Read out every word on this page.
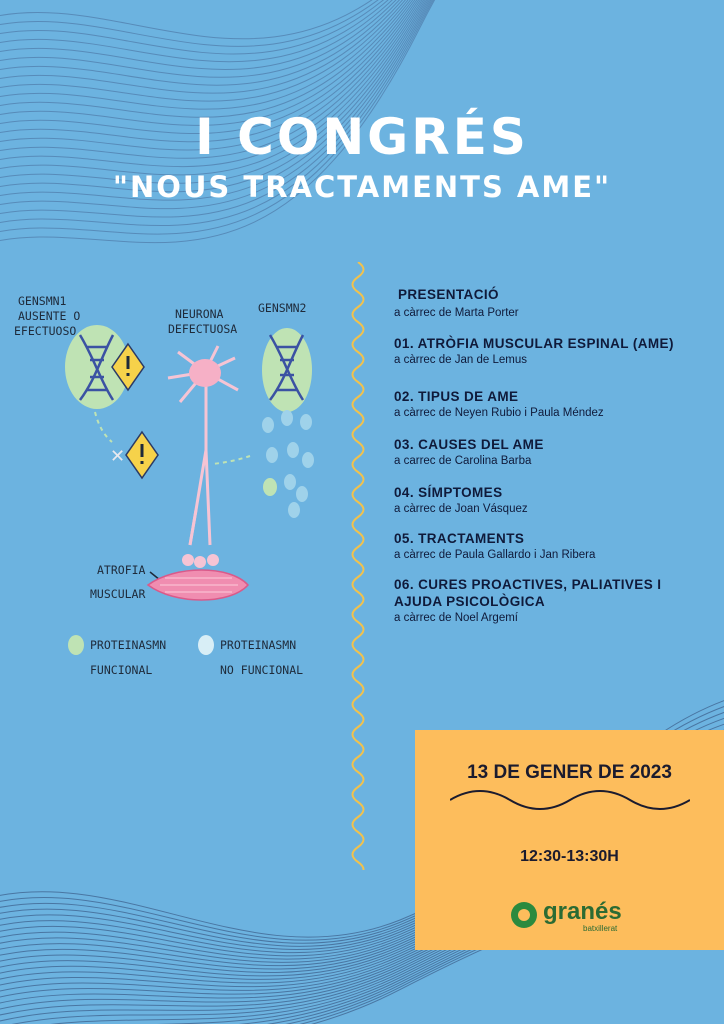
I CONGRÉS
"NOUS TRACTAMENTS AME"
GENSMN1
AUSENTE O
EFECTUOSO
✕
NEURONA
DEFECTUOSA
GENSMN2
ATROFIA
MUSCULAR
PROTEINASMN
FUNCIONAL
PROTEINASMN
NO FUNCIONAL
PRESENTACIÓ
a càrrec de Marta Porter
01. ATRÒFIA MUSCULAR ESPINAL (AME)
a càrrec de Jan de Lemus
02. TIPUS DE AME
a càrrec de Neyen Rubio i Paula Méndez
03. CAUSES DEL AME
a carrec de Carolina Barba
04. SÍMPTOMES
a càrrec de Joan Vásquez
05. TRACTAMENTS
a càrrec de Paula Gallardo i Jan Ribera
06. CURES PROACTIVES, PALIATIVES I
AJUDA PSICOLÒGICA
a càrrec de Noel Argemí
13 DE GENER DE 2023
12:30-13:30H
granés
batxillerat
